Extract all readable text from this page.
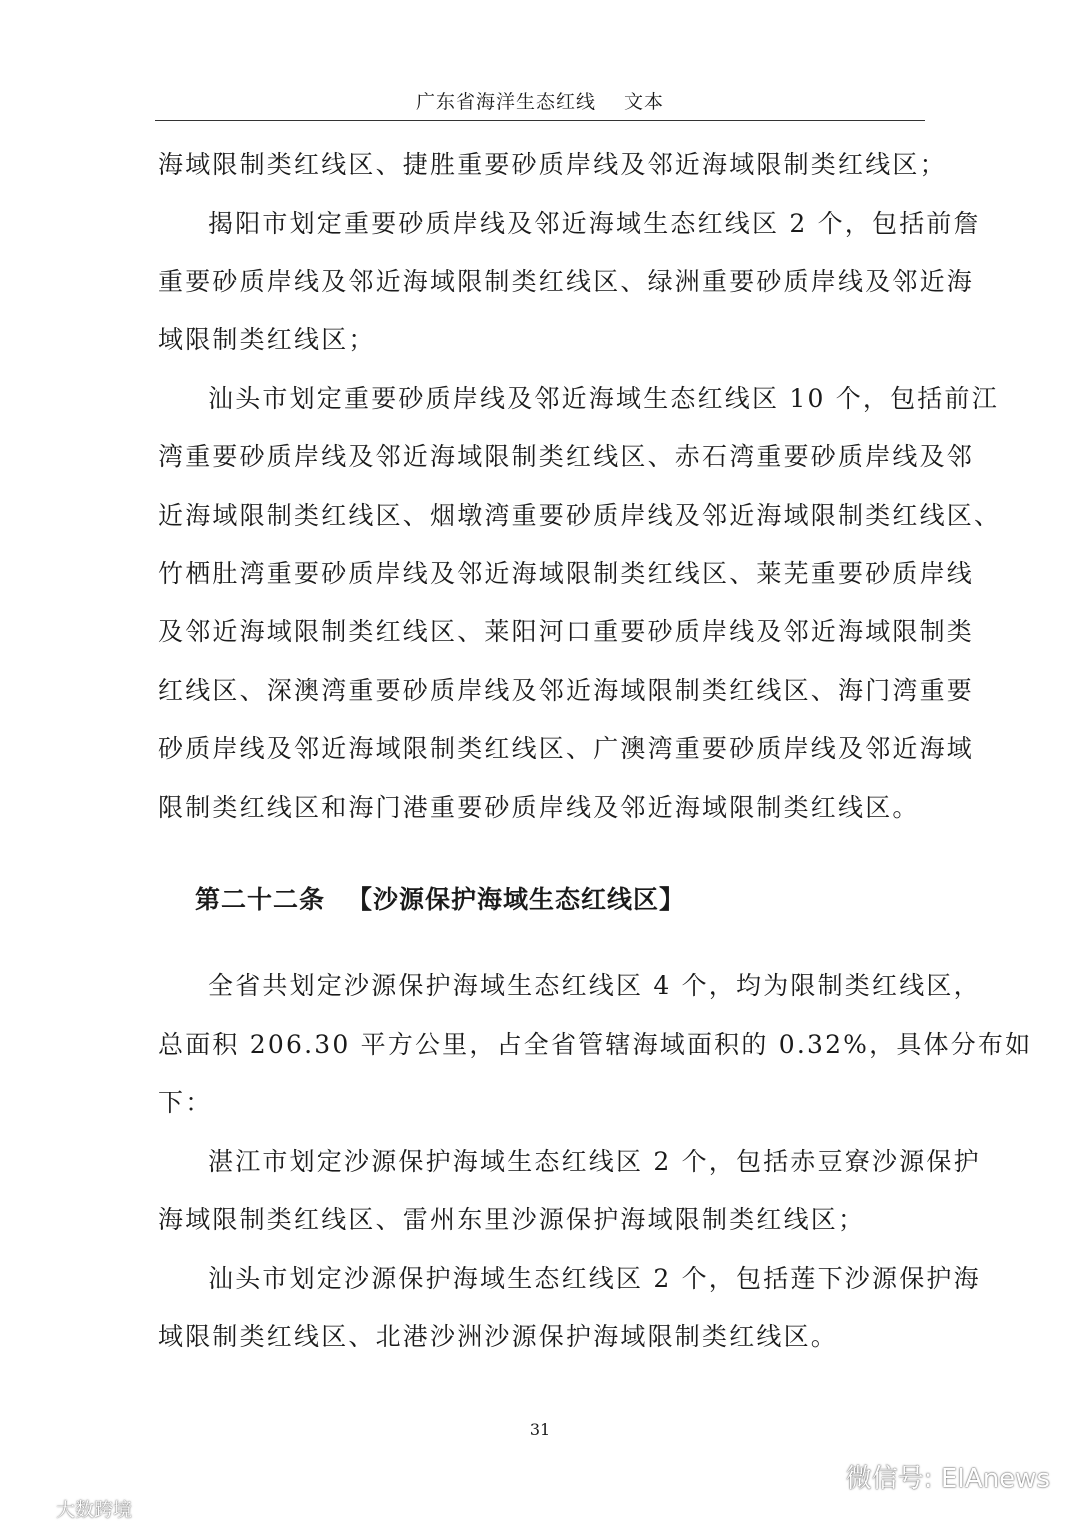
广东省海洋生态红线 文本
海域限制类红线区、捷胜重要砂质岸线及邻近海域限制类红线区；
揭阳市划定重要砂质岸线及邻近海域生态红线区 2 个，包括前詹
重要砂质岸线及邻近海域限制类红线区、绿洲重要砂质岸线及邻近海
域限制类红线区；
汕头市划定重要砂质岸线及邻近海域生态红线区 10 个，包括前江
湾重要砂质岸线及邻近海域限制类红线区、赤石湾重要砂质岸线及邻
近海域限制类红线区、烟墩湾重要砂质岸线及邻近海域限制类红线区、
竹栖肚湾重要砂质岸线及邻近海域限制类红线区、莱芜重要砂质岸线
及邻近海域限制类红线区、莱阳河口重要砂质岸线及邻近海域限制类
红线区、深澳湾重要砂质岸线及邻近海域限制类红线区、海门湾重要
砂质岸线及邻近海域限制类红线区、广澳湾重要砂质岸线及邻近海域
限制类红线区和海门港重要砂质岸线及邻近海域限制类红线区。
第二十二条 【沙源保护海域生态红线区】
全省共划定沙源保护海域生态红线区 4 个，均为限制类红线区，
总面积 206.30 平方公里，占全省管辖海域面积的 0.32%，具体分布如
下：
湛江市划定沙源保护海域生态红线区 2 个，包括赤豆寮沙源保护
海域限制类红线区、雷州东里沙源保护海域限制类红线区；
汕头市划定沙源保护海域生态红线区 2 个，包括莲下沙源保护海
域限制类红线区、北港沙洲沙源保护海域限制类红线区。
31
大数跨境
微信号: EIAnews
